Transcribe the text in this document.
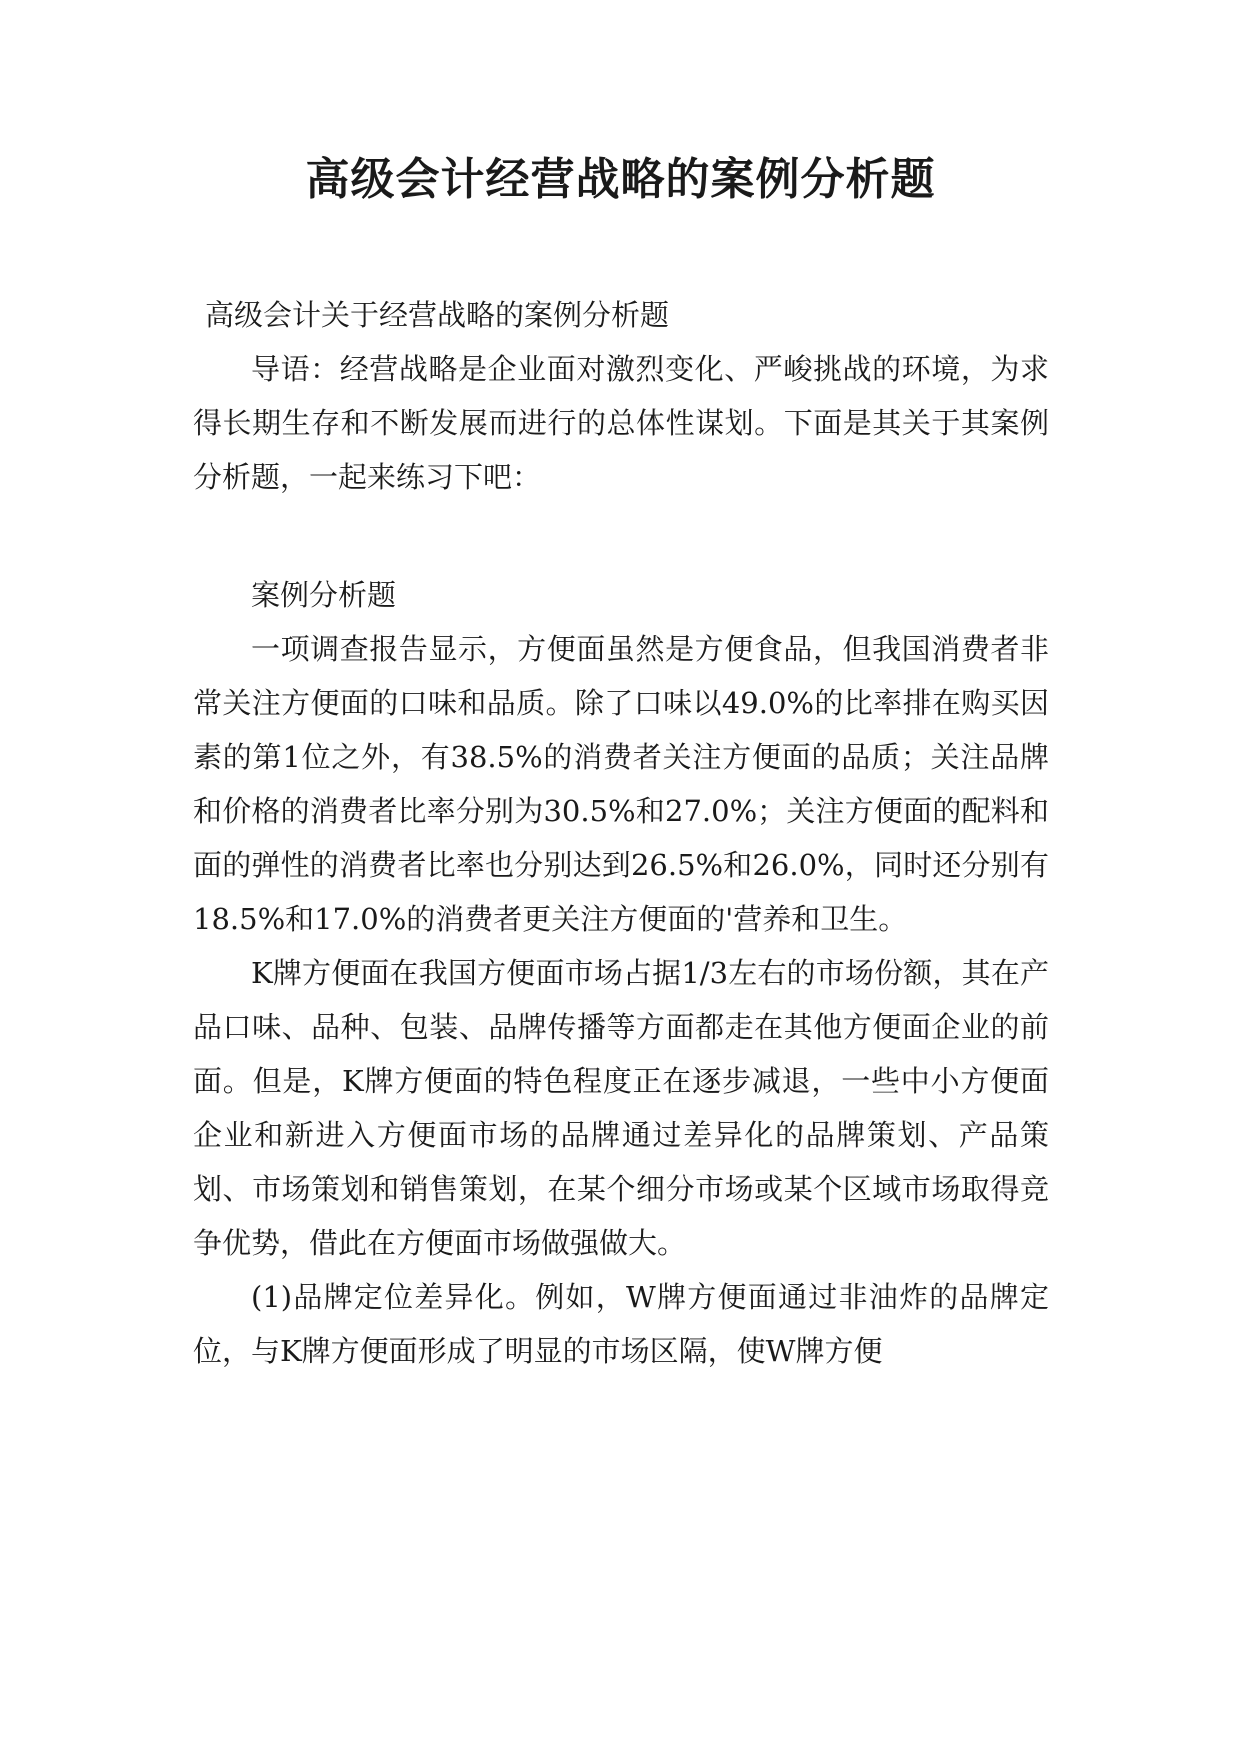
高级会计经营战略的案例分析题

高级会计关于经营战略的案例分析题

导语：经营战略是企业面对激烈变化、严峻挑战的环境，为求得长期生存和不断发展而进行的总体性谋划。下面是其关于其案例分析题，一起来练习下吧：

案例分析题

一项调查报告显示，方便面虽然是方便食品，但我国消费者非常关注方便面的口味和品质。除了口味以49.0%的比率排在购买因素的第1位之外，有38.5%的消费者关注方便面的品质；关注品牌和价格的消费者比率分别为30.5%和27.0%；关注方便面的配料和面的弹性的消费者比率也分别达到26.5%和26.0%，同时还分别有18.5%和17.0%的消费者更关注方便面的'营养和卫生。

K牌方便面在我国方便面市场占据1/3左右的市场份额，其在产品口味、品种、包装、品牌传播等方面都走在其他方便面企业的前面。但是，K牌方便面的特色程度正在逐步减退，一些中小方便面企业和新进入方便面市场的品牌通过差异化的品牌策划、产品策划、市场策划和销售策划，在某个细分市场或某个区域市场取得竞争优势，借此在方便面市场做强做大。

(1)品牌定位差异化。例如，W牌方便面通过非油炸的品牌定位，与K牌方便面形成了明显的市场区隔，使W牌方便
